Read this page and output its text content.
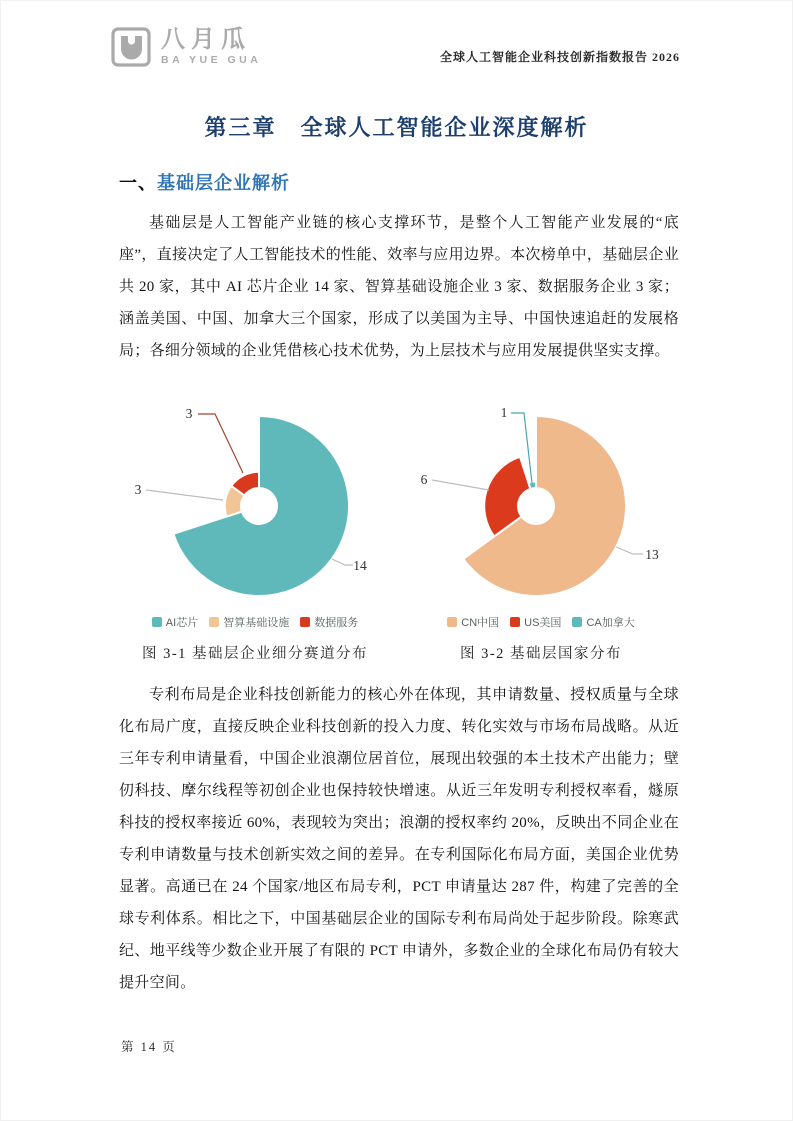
八月瓜
BA YUE GUA	全球人工智能企业科技创新指数报告 2026
第三章　全球人工智能企业深度解析
一、基础层企业解析

基础层是人工智能产业链的核心支撑环节，是整个人工智能产业发展的“底座”，直接决定了人工智能技术的性能、效率与应用边界。本次榜单中，基础层企业共 20 家，其中 AI 芯片企业 14 家、智算基础设施企业 3 家、数据服务企业 3 家；涵盖美国、中国、加拿大三个国家，形成了以美国为主导、中国快速追赶的发展格局；各细分领域的企业凭借核心技术优势，为上层技术与应用发展提供坚实支撑。

3
3
14
AI芯片 智算基础设施 数据服务
图 3-1 基础层企业细分赛道分布
1
6
13
CN中国 US美国 CA加拿大
图 3-2 基础层国家分布

专利布局是企业科技创新能力的核心外在体现，其申请数量、授权质量与全球化布局广度，直接反映企业科技创新的投入力度、转化实效与市场布局战略。从近三年专利申请量看，中国企业浪潮位居首位，展现出较强的本土技术产出能力；壁仞科技、摩尔线程等初创企业也保持较快增速。从近三年发明专利授权率看，燧原科技的授权率接近 60%，表现较为突出；浪潮的授权率约 20%，反映出不同企业在专利申请数量与技术创新实效之间的差异。在专利国际化布局方面，美国企业优势显著。高通已在 24 个国家/地区布局专利，PCT 申请量达 287 件，构建了完善的全球专利体系。相比之下，中国基础层企业的国际专利布局尚处于起步阶段。除寒武纪、地平线等少数企业开展了有限的 PCT 申请外，多数企业的全球化布局仍有较大提升空间。

第 14 页
